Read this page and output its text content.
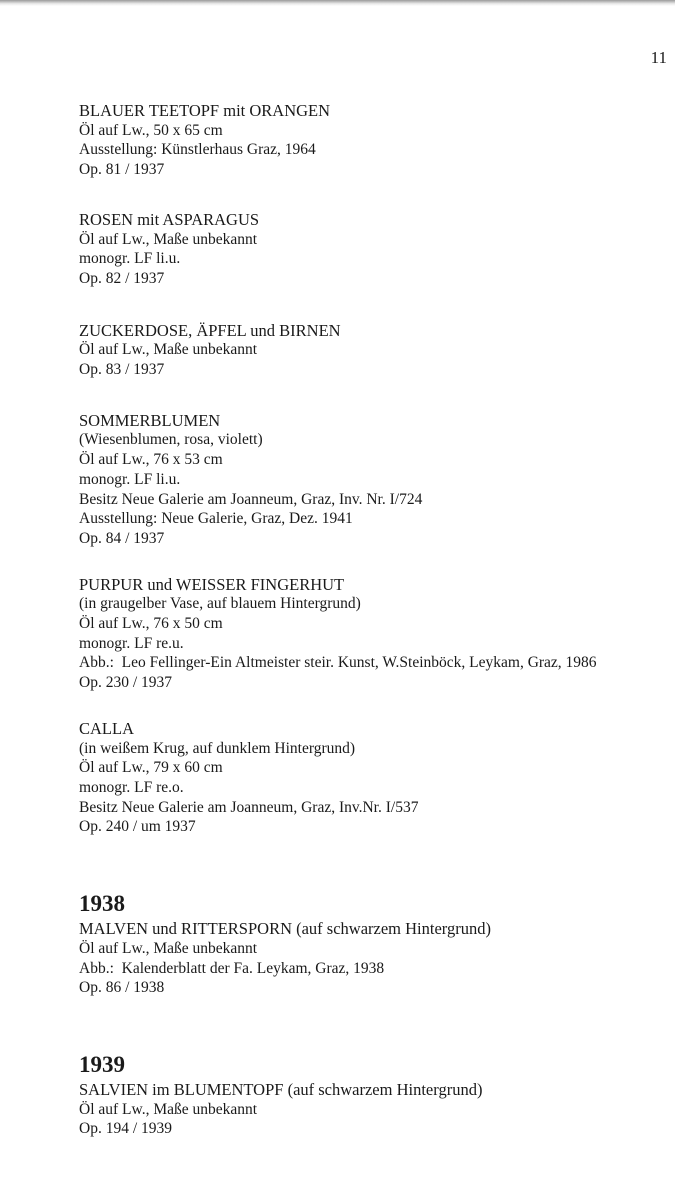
11
BLAUER TEETOPF mit ORANGEN
Öl auf Lw., 50 x 65 cm
Ausstellung: Künstlerhaus Graz, 1964
Op. 81 / 1937
ROSEN mit ASPARAGUS
Öl auf Lw., Maße unbekannt
monogr. LF li.u.
Op. 82 / 1937
ZUCKERDOSE, ÄPFEL und BIRNEN
Öl auf Lw., Maße unbekannt
Op. 83 / 1937
SOMMERBLUMEN
(Wiesenblumen, rosa, violett)
Öl auf Lw., 76 x 53 cm
monogr. LF li.u.
Besitz Neue Galerie am Joanneum, Graz, Inv. Nr. I/724
Ausstellung: Neue Galerie, Graz, Dez. 1941
Op. 84 / 1937
PURPUR und WEISSER FINGERHUT
(in graugelber Vase, auf blauem Hintergrund)
Öl auf Lw., 76 x 50 cm
monogr. LF re.u.
Abb.:  Leo Fellinger-Ein Altmeister steir. Kunst, W.Steinböck, Leykam, Graz, 1986
Op. 230 / 1937
CALLA
(in weißem Krug, auf dunklem Hintergrund)
Öl auf Lw., 79 x 60 cm
monogr. LF re.o.
Besitz Neue Galerie am Joanneum, Graz, Inv.Nr. I/537
Op. 240 / um 1937
1938
MALVEN und RITTERSPORN (auf schwarzem Hintergrund)
Öl auf Lw., Maße unbekannt
Abb.:  Kalenderblatt der Fa. Leykam, Graz, 1938
Op. 86 / 1938
1939
SALVIEN im BLUMENTOPF (auf schwarzem Hintergrund)
Öl auf Lw., Maße unbekannt
Op. 194 / 1939
